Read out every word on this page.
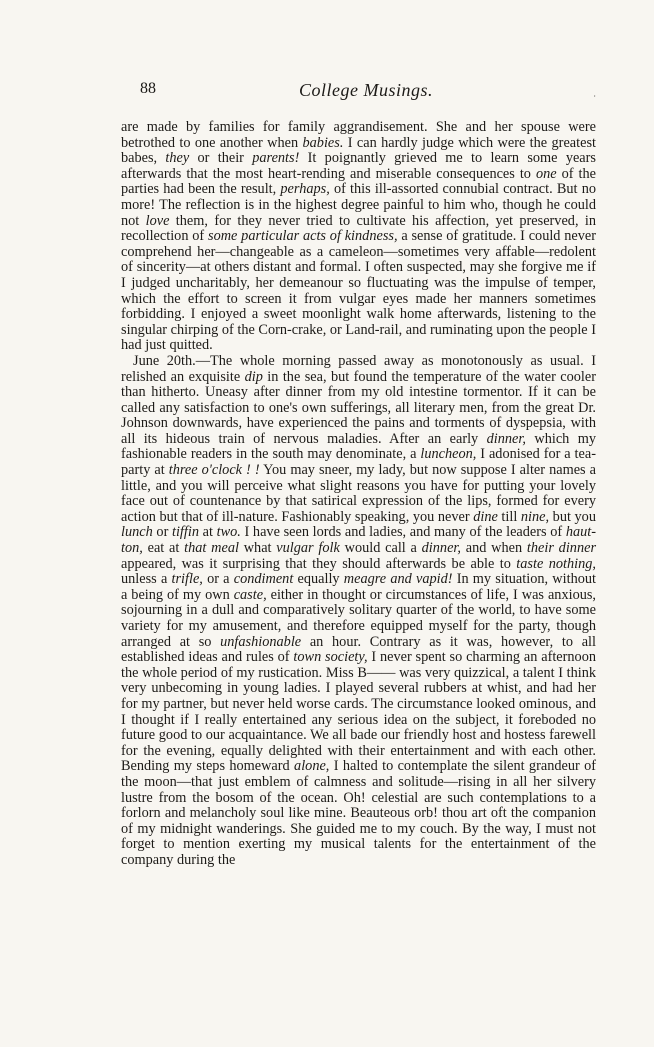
88	College Musings.	·

are made by families for family aggrandisement. She and her spouse were betrothed to one another when babies. I can hardly judge which were the greatest babes, they or their parents! It poignantly grieved me to learn some years afterwards that the most heart-rending and miserable consequences to one of the parties had been the result, perhaps, of this ill-assorted connubial contract. But no more! The reflection is in the highest degree painful to him who, though he could not love them, for they never tried to cultivate his affection, yet preserved, in recollection of some particular acts of kindness, a sense of gratitude. I could never comprehend her—changeable as a cameleon—sometimes very affable—redolent of sincerity—at others distant and formal. I often suspected, may she forgive me if I judged uncharitably, her demeanour so fluctuating was the impulse of temper, which the effort to screen it from vulgar eyes made her manners sometimes forbidding. I enjoyed a sweet moonlight walk home afterwards, listening to the singular chirping of the Corn-crake, or Land-rail, and ruminating upon the people I had just quitted.

June 20th.—The whole morning passed away as monotonously as usual. I relished an exquisite dip in the sea, but found the temperature of the water cooler than hitherto. Uneasy after dinner from my old intestine tormentor. If it can be called any satisfaction to one's own sufferings, all literary men, from the great Dr. Johnson downwards, have experienced the pains and torments of dyspepsia, with all its hideous train of nervous maladies. After an early dinner, which my fashionable readers in the south may denominate, a luncheon, I adonised for a tea-party at three o'clock ! ! You may sneer, my lady, but now suppose I alter names a little, and you will perceive what slight reasons you have for putting your lovely face out of countenance by that satirical expression of the lips, formed for every action but that of ill-nature. Fashionably speaking, you never dine till nine, but you lunch or tiffin at two. I have seen lords and ladies, and many of the leaders of haut-ton, eat at that meal what vulgar folk would call a dinner, and when their dinner appeared, was it surprising that they should afterwards be able to taste nothing, unless a trifle, or a condiment equally meagre and vapid! In my situation, without a being of my own caste, either in thought or circumstances of life, I was anxious, sojourning in a dull and comparatively solitary quarter of the world, to have some variety for my amusement, and therefore equipped myself for the party, though arranged at so unfashionable an hour. Contrary as it was, however, to all established ideas and rules of town society, I never spent so charming an afternoon the whole period of my rustication. Miss B—— was very quizzical, a talent I think very unbecoming in young ladies. I played several rubbers at whist, and had her for my partner, but never held worse cards. The circumstance looked ominous, and I thought if I really entertained any serious idea on the subject, it foreboded no future good to our acquaintance. We all bade our friendly host and hostess farewell for the evening, equally delighted with their entertainment and with each other. Bending my steps homeward alone, I halted to contemplate the silent grandeur of the moon—that just emblem of calmness and solitude—rising in all her silvery lustre from the bosom of the ocean. Oh! celestial are such contemplations to a forlorn and melancholy soul like mine. Beauteous orb! thou art oft the companion of my midnight wanderings. She guided me to my couch. By the way, I must not forget to mention exerting my musical talents for the entertainment of the company during the
